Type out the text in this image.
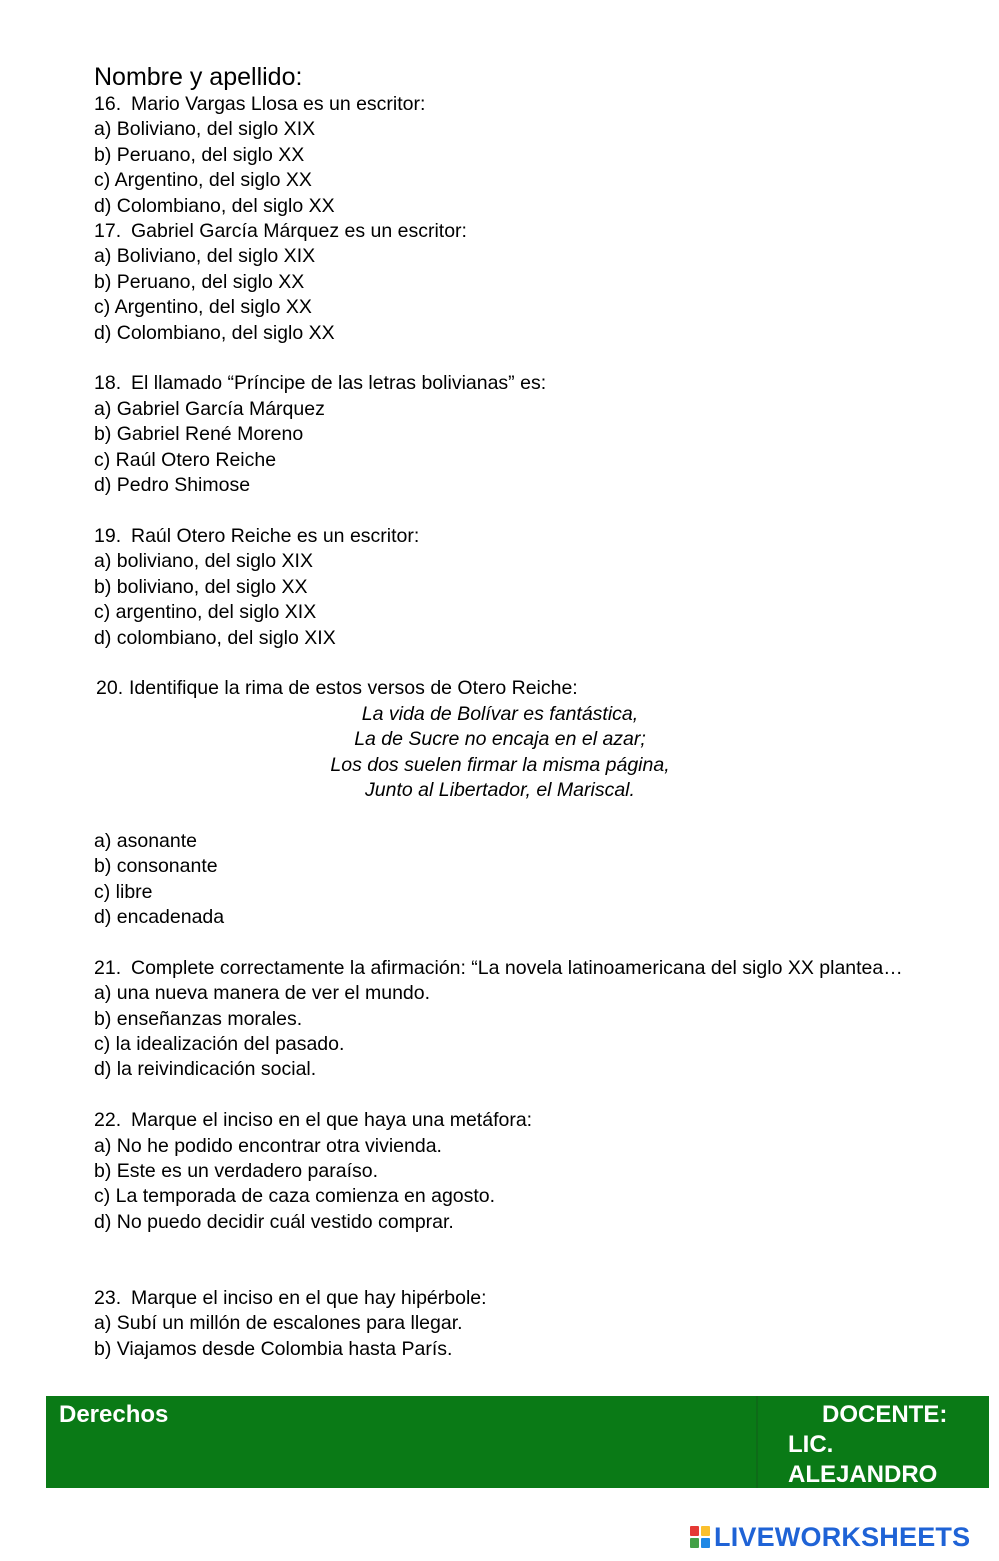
Nombre y apellido:
16. Mario Vargas Llosa es un escritor:
a) Boliviano, del siglo XIX
b) Peruano, del siglo XX
c) Argentino, del siglo XX
d) Colombiano, del siglo XX
17. Gabriel García Márquez es un escritor:
a) Boliviano, del siglo XIX
b) Peruano, del siglo XX
c) Argentino, del siglo XX
d) Colombiano, del siglo XX
18. El llamado “Príncipe de las letras bolivianas” es:
a) Gabriel García Márquez
b) Gabriel René Moreno
c) Raúl Otero Reiche
d) Pedro Shimose
19. Raúl Otero Reiche es un escritor:
a) boliviano, del siglo XIX
b) boliviano, del siglo XX
c) argentino, del siglo XIX
d) colombiano, del siglo XIX
20. Identifique la rima de estos versos de Otero Reiche:
La vida de Bolívar es fantástica,
La de Sucre no encaja en el azar;
Los dos suelen firmar la misma página,
Junto al Libertador, el Mariscal.
a) asonante
b) consonante
c) libre
d) encadenada
21. Complete correctamente la afirmación: “La novela latinoamericana del siglo XX plantea…
a) una nueva manera de ver el mundo.
b) enseñanzas morales.
c) la idealización del pasado.
d) la reivindicación social.
22. Marque el inciso en el que haya una metáfora:
a) No he podido encontrar otra vivienda.
b) Este es un verdadero paraíso.
c) La temporada de caza comienza en agosto.
d) No puedo decidir cuál vestido comprar.
23. Marque el inciso en el que hay hipérbole:
a) Subí un millón de escalones para llegar.
b) Viajamos desde Colombia hasta París.
Derechos	DOCENTE:
LIC.
ALEJANDRO
LIVEWORKSHEETS
